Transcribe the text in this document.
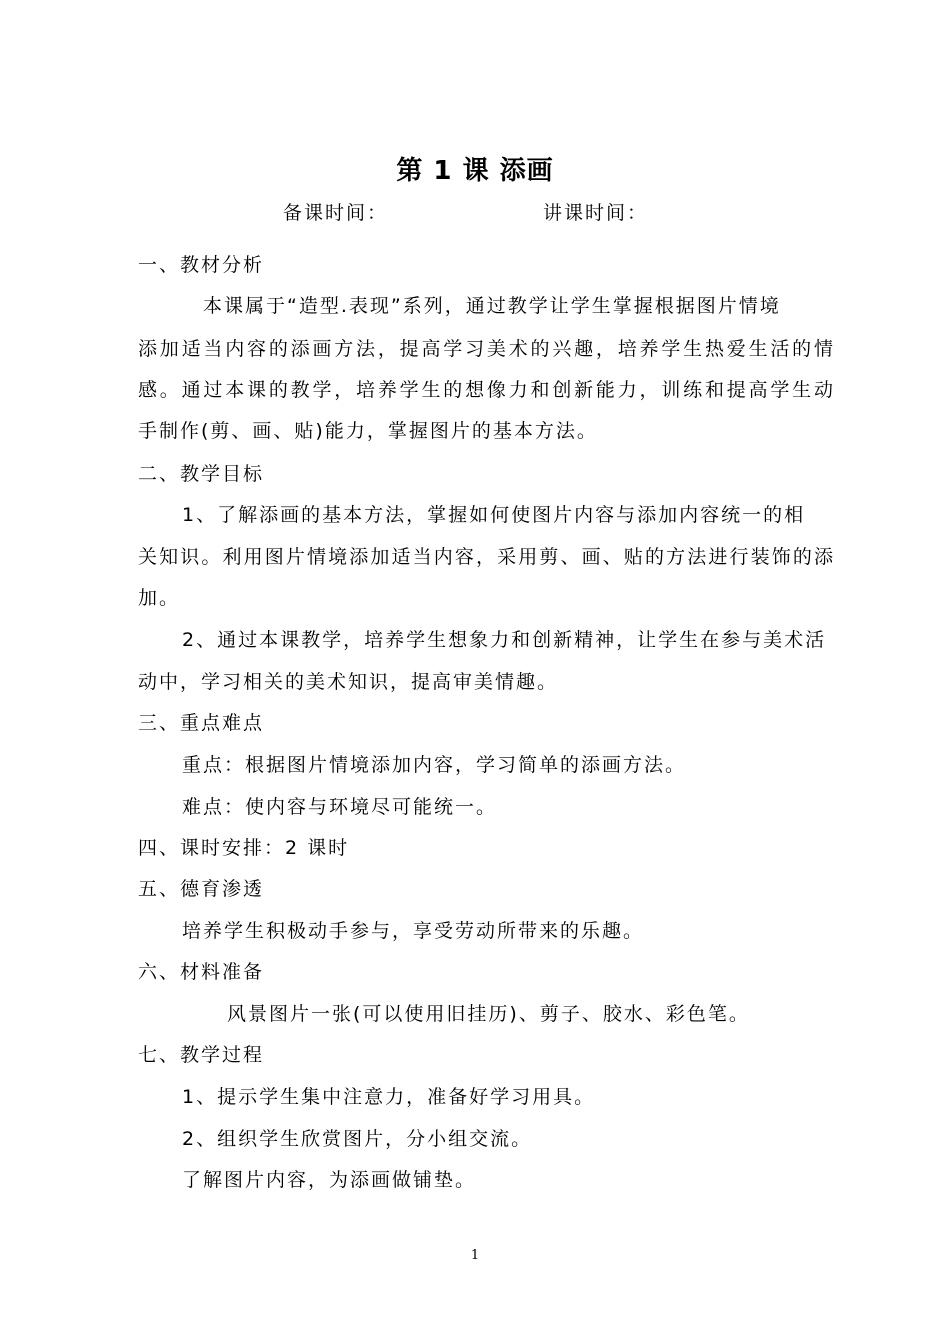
第 1 课 添画
备课时间：	讲课时间：
一、教材分析
本课属于“造型.表现”系列，通过教学让学生掌握根据图片情境
添加适当内容的添画方法，提高学习美术的兴趣，培养学生热爱生活的情
感。通过本课的教学，培养学生的想像力和创新能力，训练和提高学生动
手制作(剪、画、贴)能力，掌握图片的基本方法。
二、教学目标
1、了解添画的基本方法，掌握如何使图片内容与添加内容统一的相
关知识。利用图片情境添加适当内容，采用剪、画、贴的方法进行装饰的添
加。
2、通过本课教学，培养学生想象力和创新精神，让学生在参与美术活
动中，学习相关的美术知识，提高审美情趣。
三、重点难点
重点：根据图片情境添加内容，学习简单的添画方法。
难点：使内容与环境尽可能统一。
四、课时安排：2 课时
五、德育渗透
培养学生积极动手参与，享受劳动所带来的乐趣。
六、材料准备
风景图片一张(可以使用旧挂历)、剪子、胶水、彩色笔。
七、教学过程
1、提示学生集中注意力，准备好学习用具。
2、组织学生欣赏图片，分小组交流。
了解图片内容，为添画做铺垫。
1
